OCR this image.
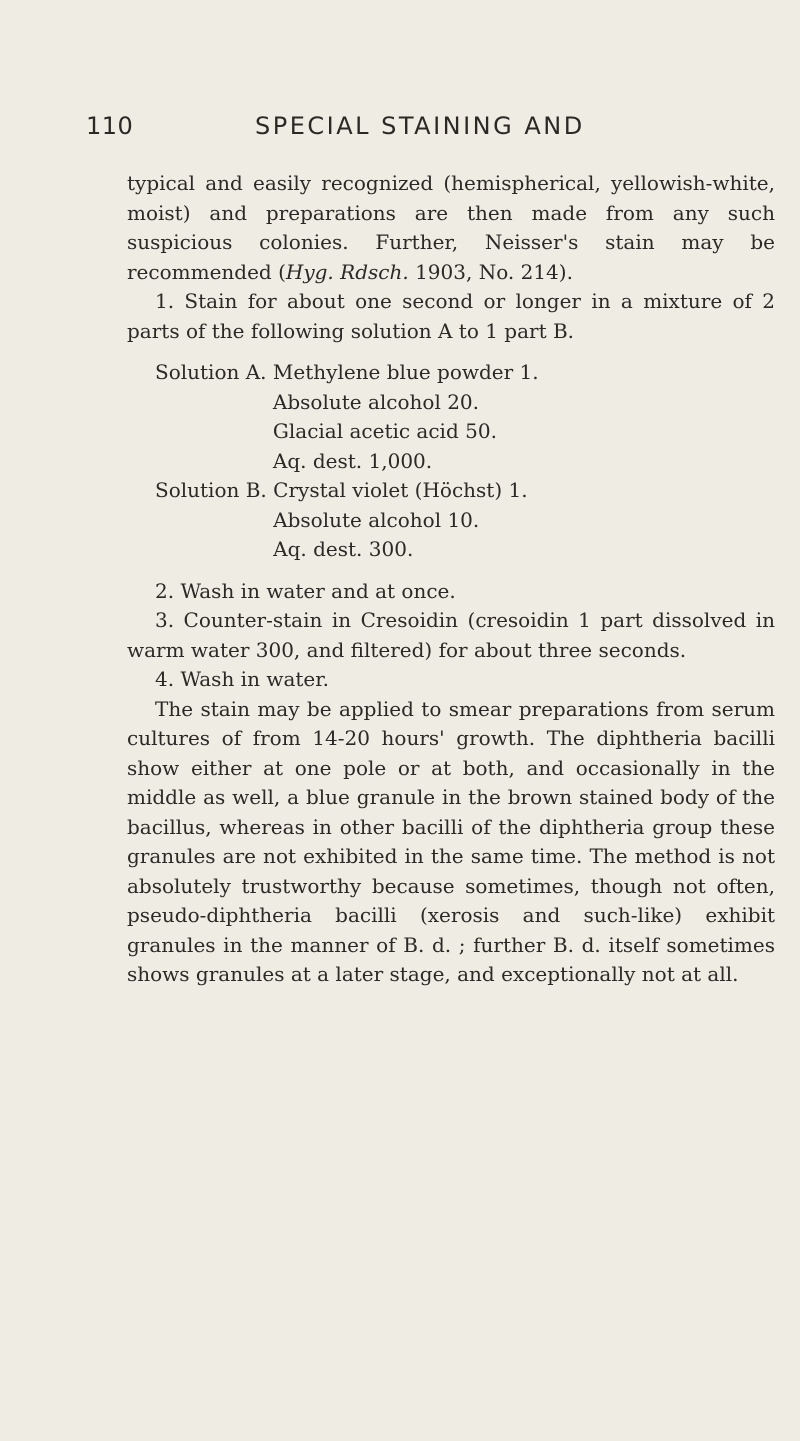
110	SPECIAL STAINING AND

typical and easily recognized (hemispherical, yellowish-white, moist) and preparations are then made from any such suspicious colonies. Further, Neisser's stain may be recommended (Hyg. Rdsch. 1903, No. 214).

1. Stain for about one second or longer in a mixture of 2 parts of the following solution A to 1 part B.

Solution A.
Methylene blue powder 1.
Absolute alcohol 20.
Glacial acetic acid 50.
Aq. dest. 1,000.
Solution B.
Crystal violet (Höchst) 1.
Absolute alcohol 10.
Aq. dest. 300.

2. Wash in water and at once.

3. Counter-stain in Cresoidin (cresoidin 1 part dissolved in warm water 300, and filtered) for about three seconds.

4. Wash in water.

The stain may be applied to smear preparations from serum cultures of from 14-20 hours' growth. The diphtheria bacilli show either at one pole or at both, and occasionally in the middle as well, a blue granule in the brown stained body of the bacillus, whereas in other bacilli of the diphtheria group these granules are not exhibited in the same time. The method is not absolutely trustworthy because sometimes, though not often, pseudo-diphtheria bacilli (xerosis and such-like) exhibit granules in the manner of B. d. ; further B. d. itself sometimes shows granules at a later stage, and exceptionally not at all.
